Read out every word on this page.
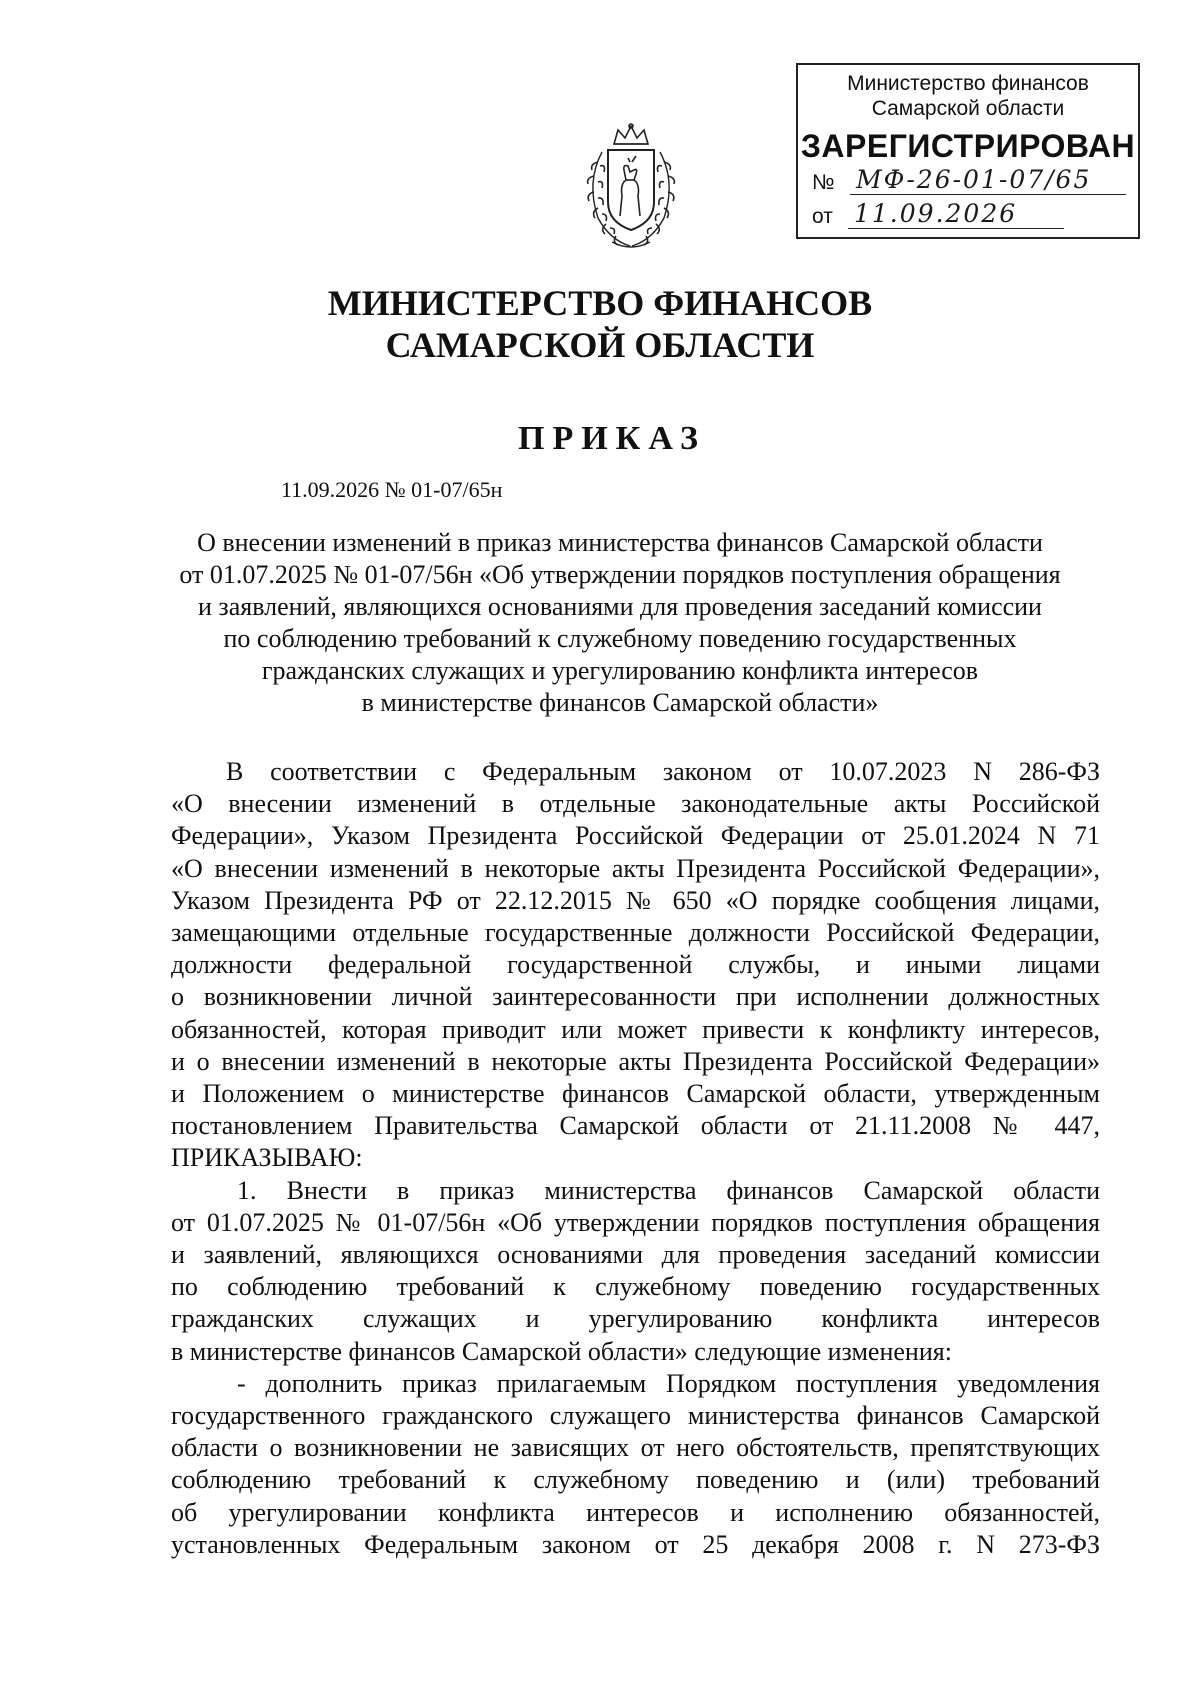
Министерство финансов
Самарской области
ЗАРЕГИСТРИРОВАН
№ МФ-26-01-07/65
от 11.09.2026
МИНИСТЕРСТВО ФИНАНСОВ
САМАРСКОЙ ОБЛАСТИ
ПРИКАЗ
11.09.2026 № 01-07/65н
О внесении изменений в приказ министерства финансов Самарской области
от 01.07.2025 № 01-07/56н «Об утверждении порядков поступления обращения
и заявлений, являющихся основаниями для проведения заседаний комиссии
по соблюдению требований к служебному поведению государственных
гражданских служащих и урегулированию конфликта интересов
в министерстве финансов Самарской области»
В соответствии с Федеральным законом от 10.07.2023 N 286-ФЗ
«О внесении изменений в отдельные законодательные акты Российской
Федерации», Указом Президента Российской Федерации от 25.01.2024 N 71
«О внесении изменений в некоторые акты Президента Российской Федерации»,
Указом Президента РФ от 22.12.2015 № 650 «О порядке сообщения лицами,
замещающими отдельные государственные должности Российской Федерации,
должности федеральной государственной службы, и иными лицами
о возникновении личной заинтересованности при исполнении должностных
обязанностей, которая приводит или может привести к конфликту интересов,
и о внесении изменений в некоторые акты Президента Российской Федерации»
и Положением о министерстве финансов Самарской области, утвержденным
постановлением Правительства Самарской области от 21.11.2008 № 447,
ПРИКАЗЫВАЮ:
1. Внести в приказ министерства финансов Самарской области
от 01.07.2025 № 01-07/56н «Об утверждении порядков поступления обращения
и заявлений, являющихся основаниями для проведения заседаний комиссии
по соблюдению требований к служебному поведению государственных
гражданских служащих и урегулированию конфликта интересов
в министерстве финансов Самарской области» следующие изменения:
- дополнить приказ прилагаемым Порядком поступления уведомления
государственного гражданского служащего министерства финансов Самарской
области о возникновении не зависящих от него обстоятельств, препятствующих
соблюдению требований к служебному поведению и (или) требований
об урегулировании конфликта интересов и исполнению обязанностей,
установленных Федеральным законом от 25 декабря 2008 г. N 273-ФЗ
